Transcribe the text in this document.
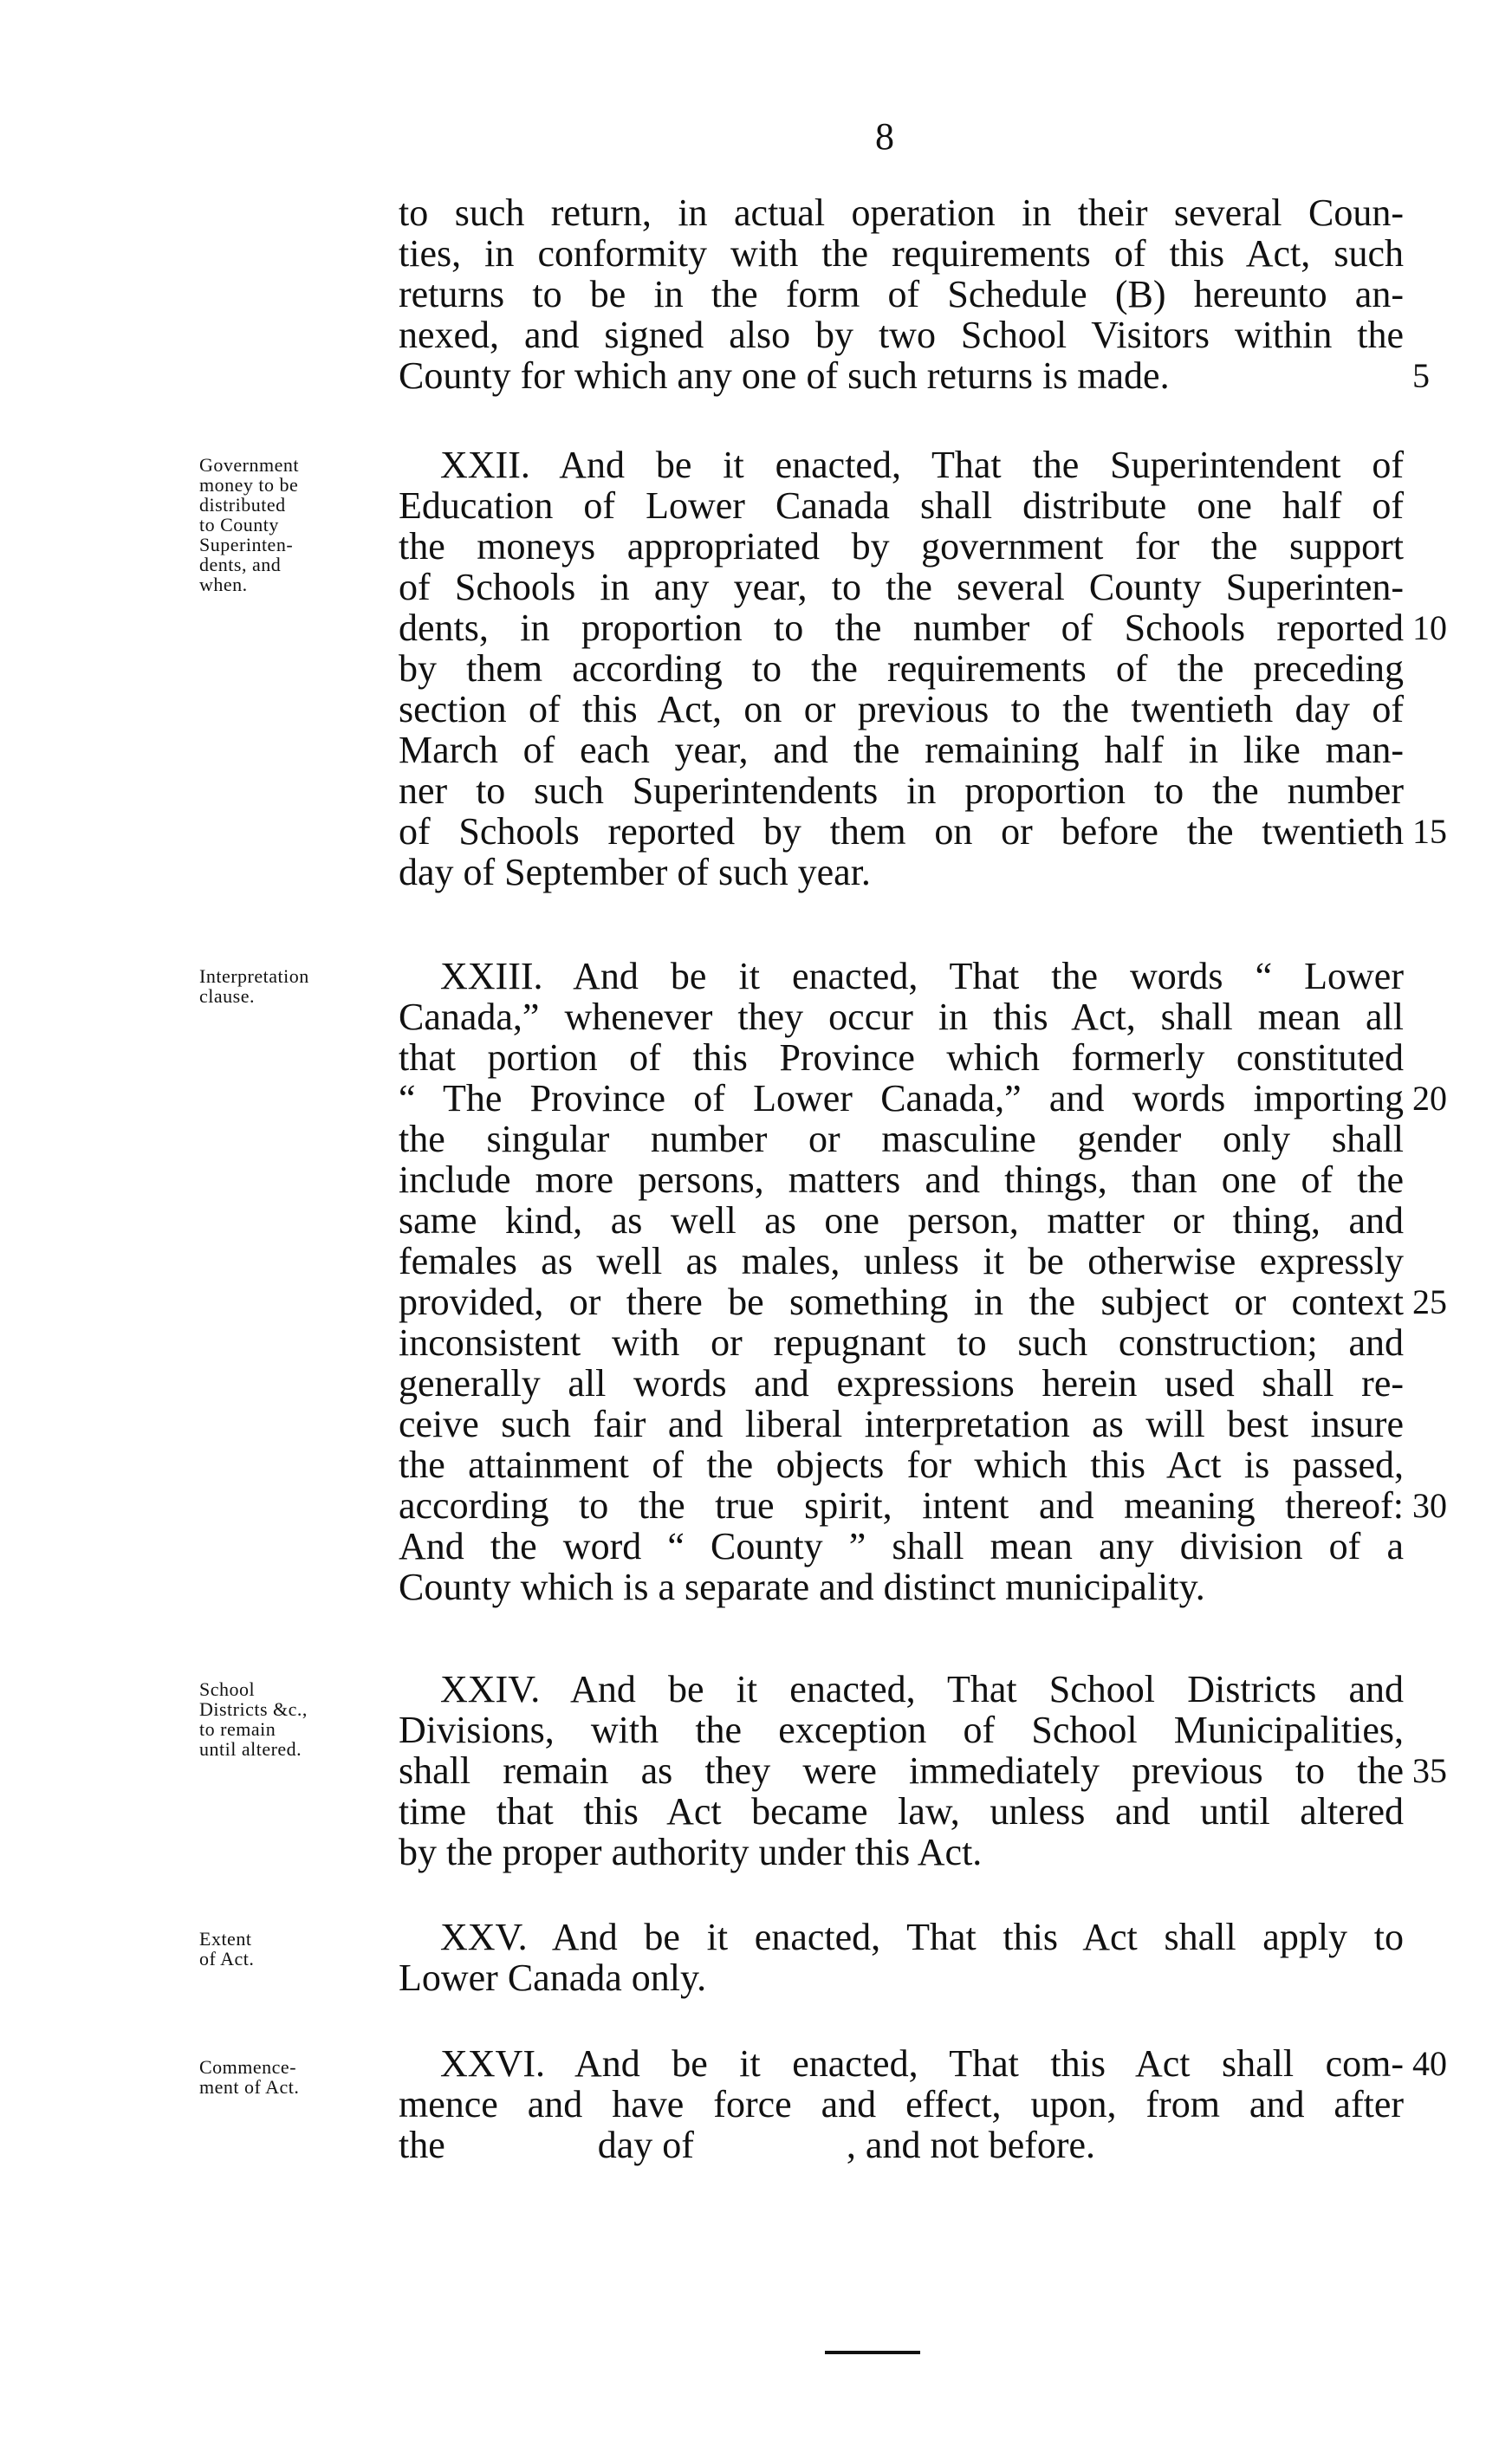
8
to such return, in actual operation in their several Coun-
ties, in conformity with the requirements of this Act, such
returns to be in the form of Schedule (B) hereunto an-
nexed, and signed also by two School Visitors within the
County for which any one of such returns is made.	5
Government
money to be
distributed
to County
Superinten-
dents, and
when.
XXII. And be it enacted, That the Superintendent of
Education of Lower Canada shall distribute one half of
the moneys appropriated by government for the support
of Schools in any year, to the several County Superinten-
dents, in proportion to the number of Schools reported 10
by them according to the requirements of the preceding
section of this Act, on or previous to the twentieth day of
March of each year, and the remaining half in like man-
ner to such Superintendents in proportion to the number
of Schools reported by them on or before the twentieth 15
day of September of such year.
Interpretation
clause.	XXIII. And be it enacted, That the words “ Lower
Canada,” whenever they occur in this Act, shall mean all
that portion of this Province which formerly constituted
“ The Province of Lower Canada,” and words importing 20
the singular number or masculine gender only shall
include more persons, matters and things, than one of the
same kind, as well as one person, matter or thing, and
females as well as males, unless it be otherwise expressly
provided, or there be something in the subject or context 25
inconsistent with or repugnant to such construction; and
generally all words and expressions herein used shall re-
ceive such fair and liberal interpretation as will best insure
the attainment of the objects for which this Act is passed,
according to the true spirit, intent and meaning thereof: 30
And the word “ County ” shall mean any division of a
County which is a separate and distinct municipality.
School
Districts &c.,
to remain
until altered.
XXIV. And be it enacted, That School Districts and
Divisions, with the exception of School Municipalities,
shall remain as they were immediately previous to the 35
time that this Act became law, unless and until altered
by the proper authority under this Act.
Extent
of Act.
XXV. And be it enacted, That this Act shall apply to
Lower Canada only.
Commence-
ment of Act.
XXVI. And be it enacted, That this Act shall com- 40
mence and have force and effect, upon, from and after
the                day of                , and not before.
